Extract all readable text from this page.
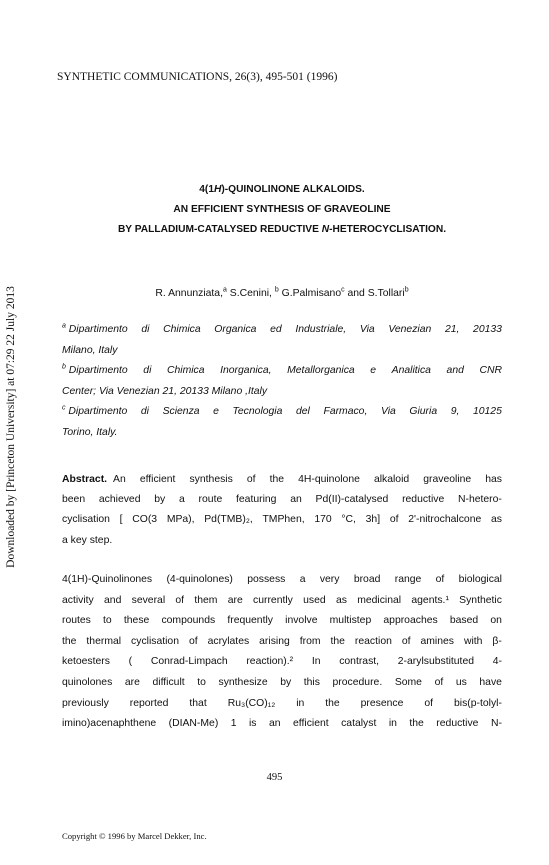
SYNTHETIC COMMUNICATIONS, 26(3), 495-501 (1996)
Downloaded by [Princeton University] at 07:29 22 July 2013
4(1H)-QUINOLINONE ALKALOIDS.
AN EFFICIENT SYNTHESIS OF GRAVEOLINE
BY PALLADIUM-CATALYSED REDUCTIVE N-HETEROCYCLISATION.
R. Annunziata,$^a$ S.Cenini, $^b$ G.Palmisano$^c$ and S.Tollari$^b$
$^a$ Dipartimento di Chimica Organica ed Industriale, Via Venezian 21, 20133
Milano, Italy
$^b$ Dipartimento di Chimica Inorganica, Metallorganica e Analitica and CNR
Center; Via Venezian 21, 20133 Milano ,Italy
$^c$ Dipartimento di Scienza e Tecnologia del Farmaco, Via Giuria 9, 10125
Torino, Italy.
Abstract. An efficient synthesis of the 4H-quinolone alkaloid graveoline has
been achieved by a route featuring an Pd(II)-catalysed reductive N-hetero-
cyclisation [ CO(3 MPa), Pd(TMB)₂, TMPhen, 170 °C, 3h] of 2'-nitrochalcone as
a key step.
4(1H)-Quinolinones (4-quinolones) possess a very broad range of biological
activity and several of them are currently used as medicinal agents.¹ Synthetic
routes to these compounds frequently involve multistep approaches based on
the thermal cyclisation of acrylates arising from the reaction of amines with β-
ketoesters ( Conrad-Limpach reaction).² In contrast, 2-arylsubstituted 4-
quinolones are difficult to synthesize by this procedure. Some of us have
previously reported that Ru₃(CO)₁₂ in the presence of bis(p-tolyl-
imino)acenaphthene (DIAN-Me) 1 is an efficient catalyst in the reductive N-
495
Copyright © 1996 by Marcel Dekker, Inc.
